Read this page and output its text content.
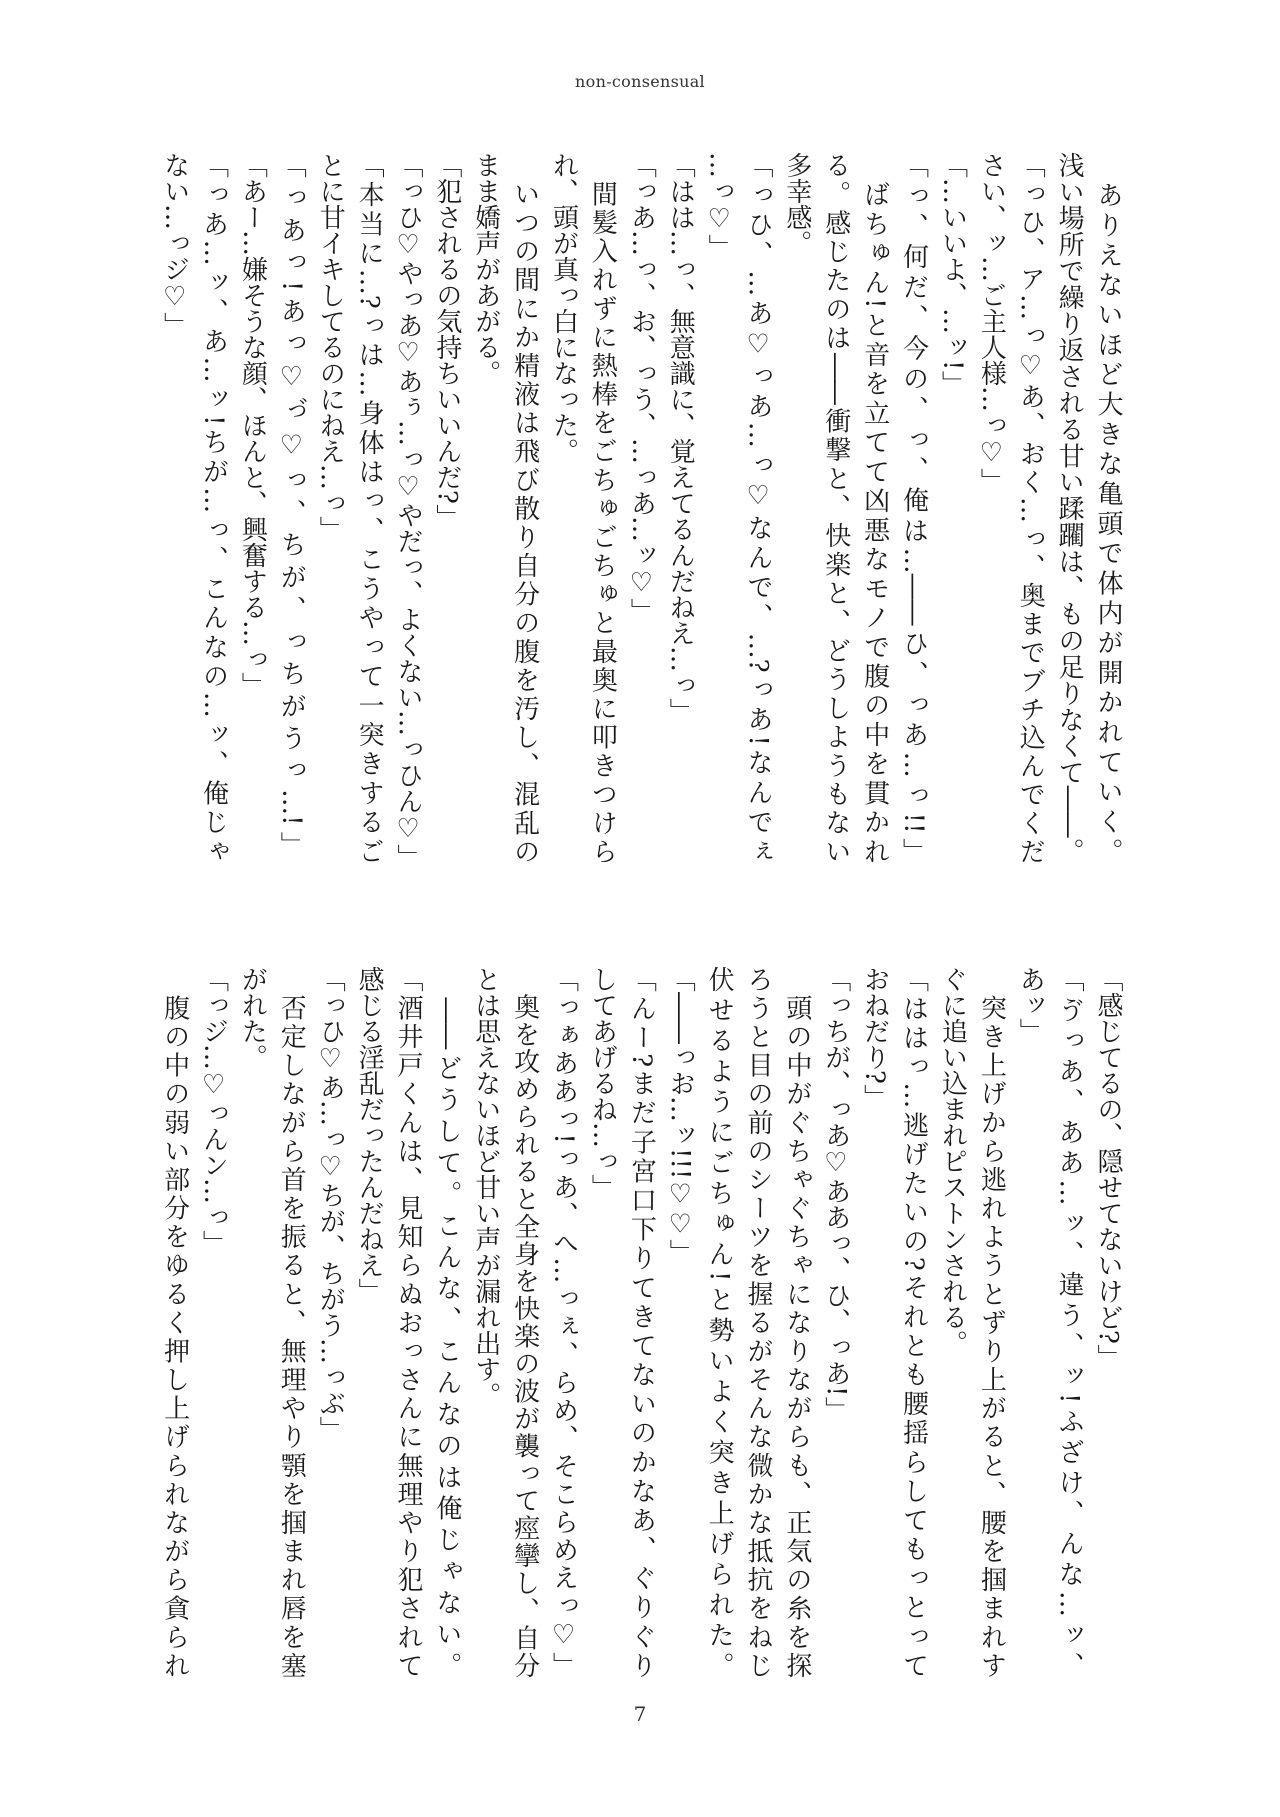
non-consensual
　ありえないほど大きな亀頭で体内が開かれていく。
浅い場所で繰り返される甘い蹂躙は、もの足りなくて――。
「っひ、ア…っ♡あ、おく…っ、奥までブチ込んでくだ
さい、ッ…ご主人様…っ♡」
「…いいよ、…ッ!」
「っ、何だ、今の、っ、俺は…――ひ、っあ…っ!!」
　ばちゅん!と音を立てて凶悪なモノで腹の中を貫かれ
る。感じたのは――衝撃と、快楽と、どうしようもない
多幸感。
「っひ、…あ♡っあ…っ♡なんで、…?っあ!なんでぇ
…っ♡」
「はは…っ、無意識に、覚えてるんだねえ…っ」
「っあ…っ、お、っう、…っあ…ッ♡」
　間髪入れずに熱棒をごちゅごちゅと最奥に叩きつけら
れ、頭が真っ白になった。
　いつの間にか精液は飛び散り自分の腹を汚し、混乱の
まま嬌声があがる。
「犯されるの気持ちいいんだ?」
「っひ♡やっあ♡あぅ…っ♡やだっ、よくない…っひん♡」
「本当に…?っは…身体はっ、こうやって一突きするご
とに甘イキしてるのにねえ…っ」
「っあっ!あっ♡っ゙♡っ、ちが、っちがうっ…!」
「あー…嫌そうな顔、ほんと、興奮する…っ」
「っあ…ッ、あ…ッ!ちが…っ、こんなの…ッ、俺じゃ
ない…っジ♡」
「感じてるの、隠せてないけど?」
「ゔっあ、ああ…ッ、違う、ッ!ふざけ、んな…ッ、
あッ」
　突き上げから逃れようとずり上がると、腰を掴まれす
ぐに追い込まれピストンされる。
「ははっ…逃げたいの?それとも腰揺らしてもっとって
おねだり?」
「っちが、っあ♡ああっ、ひ、っあ!」
　頭の中がぐちゃぐちゃになりながらも、正気の糸を探
ろうと目の前のシーツを握るがそんな微かな抵抗をねじ
伏せるようにごちゅん!と勢いよく突き上げられた。
「――っお…ッ!!!♡♡」
「んー?まだ子宮口下りてきてないのかなあ、ぐりぐり
してあげるね…っ」
「っぁああっ!っあ、へ…っぇ、らめ、そこらめえっ♡」
　奥を攻められると全身を快楽の波が襲って痙攣し、自分
とは思えないほど甘い声が漏れ出す。
　――どうして。こんな、こんなのは俺じゃない。
「酒井戸くんは、見知らぬおっさんに無理やり犯されて
感じる淫乱だったんだねえ」
「っひ♡あ…っ♡ちが、ちがう…っぶ」
　否定しながら首を振ると、無理やり顎を掴まれ唇を塞
がれた。
「っジ…♡っんン…っ」
　腹の中の弱い部分をゆるく押し上げられながら貪られ
7
